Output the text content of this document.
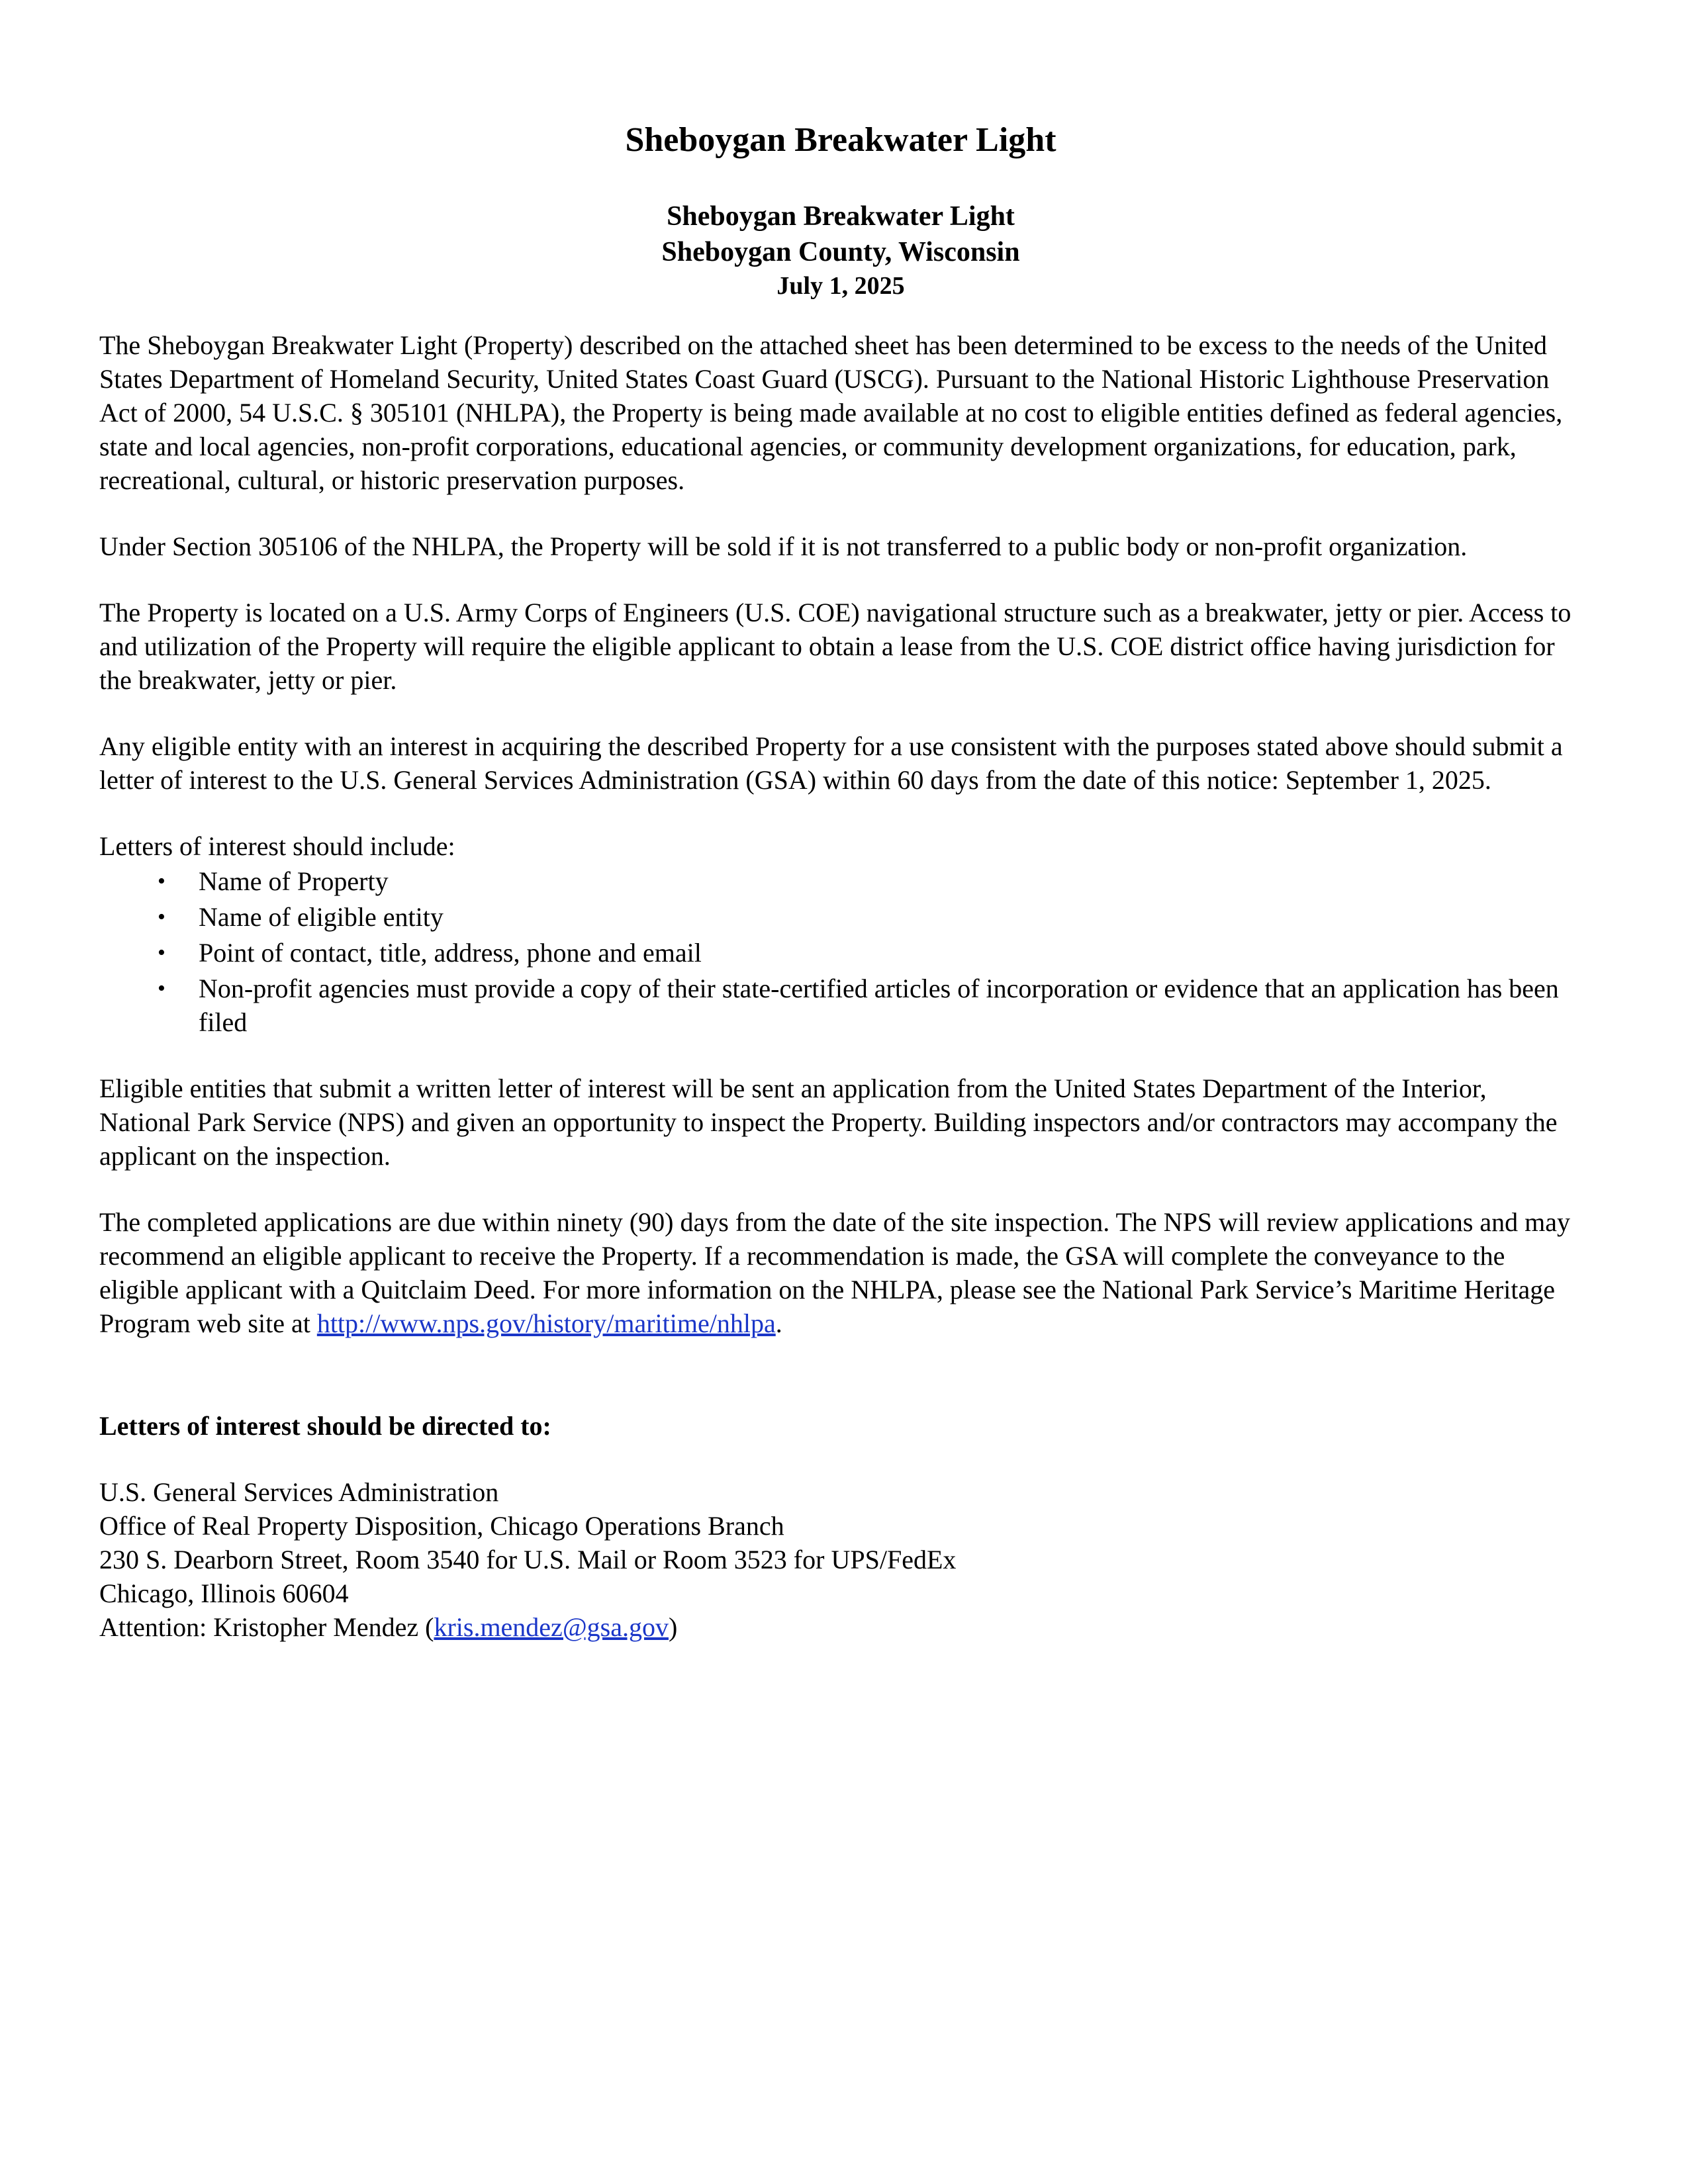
Sheboygan Breakwater Light
Sheboygan Breakwater Light
Sheboygan County, Wisconsin
July 1, 2025

The Sheboygan Breakwater Light (Property) described on the attached sheet has been determined to be excess to the needs of the United States Department of Homeland Security, United States Coast Guard (USCG). Pursuant to the National Historic Lighthouse Preservation Act of 2000, 54 U.S.C. § 305101 (NHLPA), the Property is being made available at no cost to eligible entities defined as federal agencies, state and local agencies, non-profit corporations, educational agencies, or community development organizations, for education, park, recreational, cultural, or historic preservation purposes.

Under Section 305106 of the NHLPA, the Property will be sold if it is not transferred to a public body or non-profit organization.

The Property is located on a U.S. Army Corps of Engineers (U.S. COE) navigational structure such as a breakwater, jetty or pier. Access to and utilization of the Property will require the eligible applicant to obtain a lease from the U.S. COE district office having jurisdiction for the breakwater, jetty or pier.

Any eligible entity with an interest in acquiring the described Property for a use consistent with the purposes stated above should submit a letter of interest to the U.S. General Services Administration (GSA) within 60 days from the date of this notice: September 1, 2025.

Letters of interest should include:

• Name of Property
• Name of eligible entity
• Point of contact, title, address, phone and email
• Non-profit agencies must provide a copy of their state-certified articles of incorporation or evidence that an application has been filed

Eligible entities that submit a written letter of interest will be sent an application from the United States Department of the Interior, National Park Service (NPS) and given an opportunity to inspect the Property. Building inspectors and/or contractors may accompany the applicant on the inspection.

The completed applications are due within ninety (90) days from the date of the site inspection. The NPS will review applications and may recommend an eligible applicant to receive the Property. If a recommendation is made, the GSA will complete the conveyance to the eligible applicant with a Quitclaim Deed. For more information on the NHLPA, please see the National Park Service’s Maritime Heritage Program web site at http://www.nps.gov/history/maritime/nhlpa.

Letters of interest should be directed to:

U.S. General Services Administration

Office of Real Property Disposition, Chicago Operations Branch

230 S. Dearborn Street, Room 3540 for U.S. Mail or Room 3523 for UPS/FedEx

Chicago, Illinois 60604

Attention: Kristopher Mendez (kris.mendez@gsa.gov)
